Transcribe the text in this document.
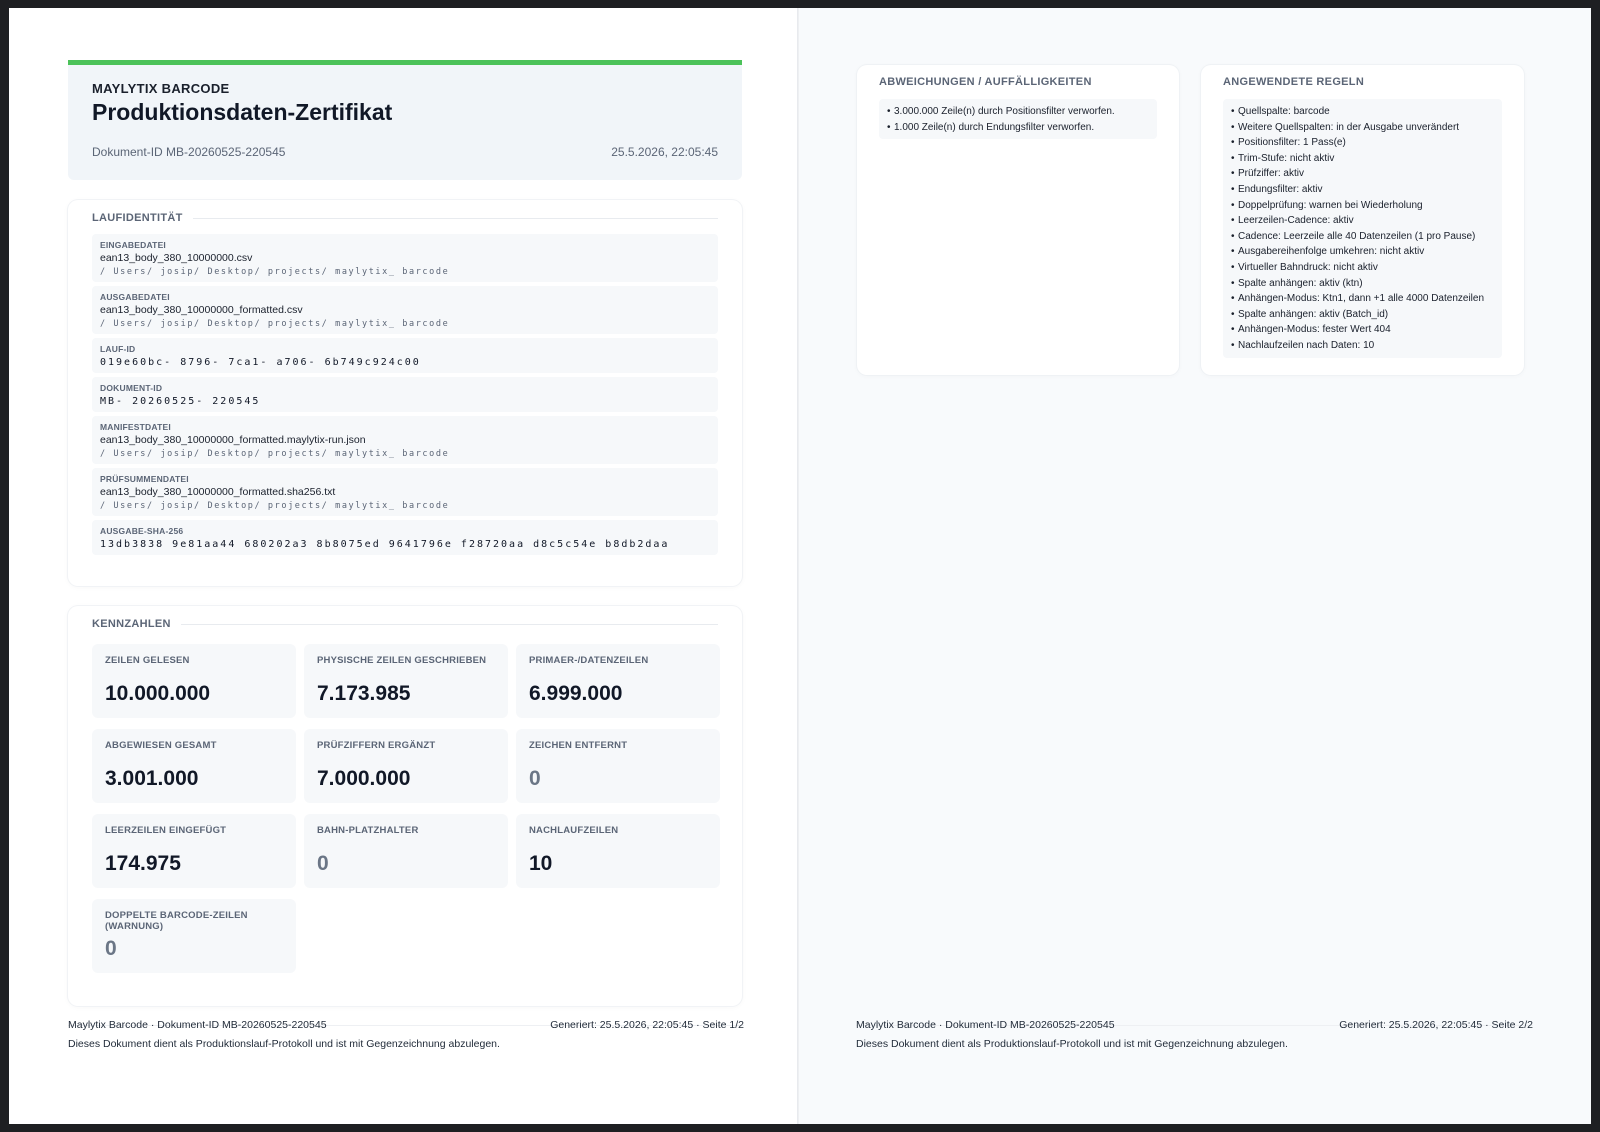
MAYLYTIX BARCODE
Produktionsdaten-Zertifikat
Dokument-ID MB-20260525-220545	25.5.2026, 22:05:45
LAUFIDENTITÄT
EINGABEDATEI
ean13_body_380_10000000.csv
/ Users/ josip/ Desktop/ projects/ maylytix_ barcode
AUSGABEDATEI
ean13_body_380_10000000_formatted.csv
/ Users/ josip/ Desktop/ projects/ maylytix_ barcode
LAUF-ID
019e60bc- 8796- 7ca1- a706- 6b749c924c00
DOKUMENT-ID
MB- 20260525- 220545
MANIFESTDATEI
ean13_body_380_10000000_formatted.maylytix-run.json
/ Users/ josip/ Desktop/ projects/ maylytix_ barcode
PRÜFSUMMENDATEI
ean13_body_380_10000000_formatted.sha256.txt
/ Users/ josip/ Desktop/ projects/ maylytix_ barcode
AUSGABE-SHA-256
13db3838 9e81aa44 680202a3 8b8075ed 9641796e f28720aa d8c5c54e b8db2daa
KENNZAHLEN
ZEILEN GELESEN
10.000.000
PHYSISCHE ZEILEN GESCHRIEBEN
7.173.985
PRIMAER-/DATENZEILEN
6.999.000
ABGEWIESEN GESAMT
3.001.000
PRÜFZIFFERN ERGÄNZT
7.000.000
ZEICHEN ENTFERNT
0
LEERZEILEN EINGEFÜGT
174.975
BAHN-PLATZHALTER
0
NACHLAUFZEILEN
10
DOPPELTE BARCODE-ZEILEN (WARNUNG)
0
Maylytix Barcode · Dokument-ID MB-20260525-220545	Generiert: 25.5.2026, 22:05:45 · Seite 1/2
Dieses Dokument dient als Produktionslauf-Protokoll und ist mit Gegenzeichnung abzulegen.
ABWEICHUNGEN / AUFFÄLLIGKEITEN
• 3.000.000 Zeile(n) durch Positionsfilter verworfen.
• 1.000 Zeile(n) durch Endungsfilter verworfen.
ANGEWENDETE REGELN
• Quellspalte: barcode
• Weitere Quellspalten: in der Ausgabe unverändert
• Positionsfilter: 1 Pass(e)
• Trim-Stufe: nicht aktiv
• Prüfziffer: aktiv
• Endungsfilter: aktiv
• Doppelprüfung: warnen bei Wiederholung
• Leerzeilen-Cadence: aktiv
• Cadence: Leerzeile alle 40 Datenzeilen (1 pro Pause)
• Ausgabereihenfolge umkehren: nicht aktiv
• Virtueller Bahndruck: nicht aktiv
• Spalte anhängen: aktiv (ktn)
• Anhängen-Modus: Ktn1, dann +1 alle 4000 Datenzeilen
• Spalte anhängen: aktiv (Batch_id)
• Anhängen-Modus: fester Wert 404
• Nachlaufzeilen nach Daten: 10
Maylytix Barcode · Dokument-ID MB-20260525-220545	Generiert: 25.5.2026, 22:05:45 · Seite 2/2
Dieses Dokument dient als Produktionslauf-Protokoll und ist mit Gegenzeichnung abzulegen.
